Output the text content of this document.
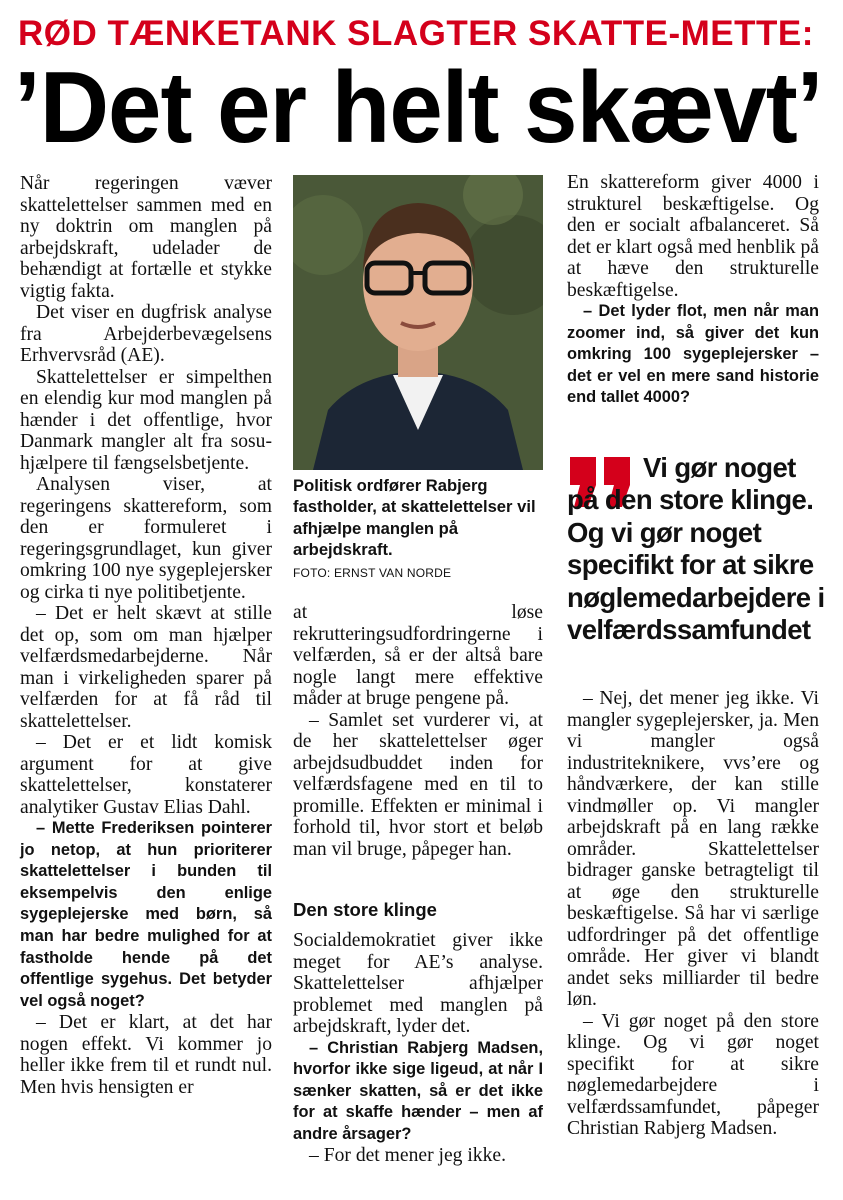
RØD TÆNKETANK SLAGTER SKATTE-METTE:
’Det er helt skævt’

Når regeringen væver skattelettelser sammen med en ny doktrin om manglen på arbejdskraft, udelader de behændigt at fortælle et stykke vigtig fakta.

Det viser en dugfrisk analyse fra Arbejderbevægelsens Erhvervsråd (AE).

Skattelettelser er simpelthen en elendig kur mod manglen på hænder i det offentlige, hvor Danmark mangler alt fra sosu-hjælpere til fængselsbetjente.

Analysen viser, at regeringens skattereform, som den er formuleret i regeringsgrundlaget, kun giver omkring 100 nye sygeplejersker og cirka ti nye politibetjente.

– Det er helt skævt at stille det op, som om man hjælper velfærdsmedarbejderne. Når man i virkeligheden sparer på velfærden for at få råd til skattelettelser.

– Det er et lidt komisk argument for at give skattelettelser, konstaterer analytiker Gustav Elias Dahl.

– Mette Frederiksen pointerer jo netop, at hun prioriterer skattelettelser i bunden til eksempelvis den enlige sygeplejerske med børn, så man har bedre mulighed for at fastholde hende på det offentlige sygehus. Det betyder vel også noget?

– Det er klart, at det har nogen effekt. Vi kommer jo heller ikke frem til et rundt nul. Men hvis hensigten er

Politisk ordfører Rabjerg fastholder, at skattelettelser vil afhjælpe manglen på arbejdskraft.
FOTO: ERNST VAN NORDE

at løse rekrutteringsudfordringerne i velfærden, så er der altså bare nogle langt mere effektive måder at bruge pengene på.

– Samlet set vurderer vi, at de her skattelettelser øger arbejdsudbuddet inden for velfærdsfagene med en til to promille. Effekten er minimal i forhold til, hvor stort et beløb man vil bruge, påpeger han.

Den store klinge

Socialdemokratiet giver ikke meget for AE’s analyse. Skattelettelser afhjælper problemet med manglen på arbejdskraft, lyder det.

– Christian Rabjerg Madsen, hvorfor ikke sige ligeud, at når I sænker skatten, så er det ikke for at skaffe hænder – men af andre årsager?

– For det mener jeg ikke.

En skattereform giver 4000 i strukturel beskæftigelse. Og den er socialt afbalanceret. Så det er klart også med henblik på at hæve den strukturelle beskæftigelse.

– Det lyder flot, men når man zoomer ind, så giver det kun omkring 100 sygeplejersker – det er vel en mere sand historie end tallet 4000?

Vi gør noget på den store klinge. Og vi gør noget specifikt for at sikre nøglemedarbejdere i velfærdssamfundet

– Nej, det mener jeg ikke. Vi mangler sygeplejersker, ja. Men vi mangler også industriteknikere, vvs’ere og håndværkere, der kan stille vindmøller op. Vi mangler arbejdskraft på en lang række områder. Skattelettelser bidrager ganske betragteligt til at øge den strukturelle beskæftigelse. Så har vi særlige udfordringer på det offentlige område. Her giver vi blandt andet seks milliarder til bedre løn.

– Vi gør noget på den store klinge. Og vi gør noget specifikt for at sikre nøglemedarbejdere i velfærdssamfundet, påpeger Christian Rabjerg Madsen.
